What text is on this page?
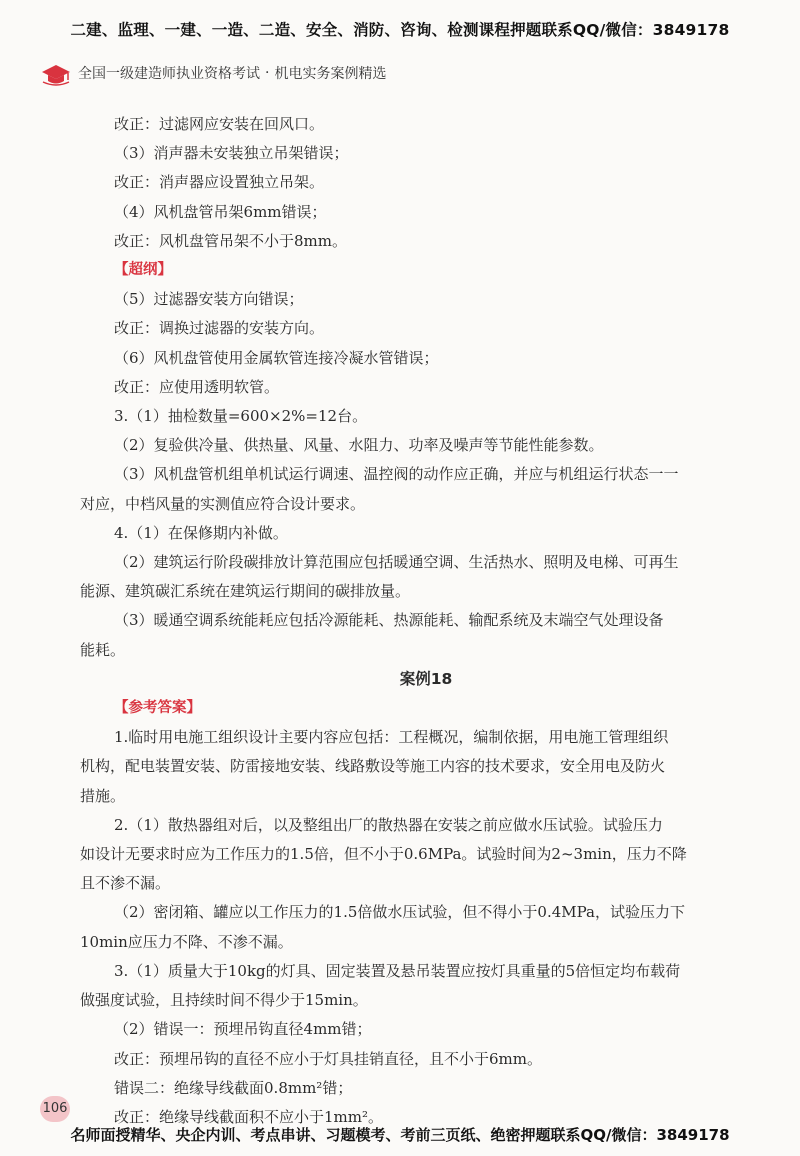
二建、监理、一建、一造、二造、安全、消防、咨询、检测课程押题联系QQ/微信：3849178
全国一级建造师执业资格考试 · 机电实务案例精选

改正：过滤网应安装在回风口。

（3）消声器未安装独立吊架错误；

改正：消声器应设置独立吊架。

（4）风机盘管吊架6mm错误；

改正：风机盘管吊架不小于8mm。

【超纲】

（5）过滤器安装方向错误；

改正：调换过滤器的安装方向。

（6）风机盘管使用金属软管连接冷凝水管错误；

改正：应使用透明软管。

3.（1）抽检数量=600×2%=12台。

（2）复验供冷量、供热量、风量、水阻力、功率及噪声等节能性能参数。

（3）风机盘管机组单机试运行调速、温控阀的动作应正确，并应与机组运行状态一一

对应，中档风量的实测值应符合设计要求。

4.（1）在保修期内补做。

（2）建筑运行阶段碳排放计算范围应包括暖通空调、生活热水、照明及电梯、可再生

能源、建筑碳汇系统在建筑运行期间的碳排放量。

（3）暖通空调系统能耗应包括冷源能耗、热源能耗、输配系统及末端空气处理设备

能耗。

案例18

【参考答案】

1.临时用电施工组织设计主要内容应包括：工程概况，编制依据，用电施工管理组织

机构，配电装置安装、防雷接地安装、线路敷设等施工内容的技术要求，安全用电及防火

措施。

2.（1）散热器组对后，以及整组出厂的散热器在安装之前应做水压试验。试验压力

如设计无要求时应为工作压力的1.5倍，但不小于0.6MPa。试验时间为2~3min，压力不降

且不渗不漏。

（2）密闭箱、罐应以工作压力的1.5倍做水压试验，但不得小于0.4MPa，试验压力下

10min应压力不降、不渗不漏。

3.（1）质量大于10kg的灯具、固定装置及悬吊装置应按灯具重量的5倍恒定均布载荷

做强度试验，且持续时间不得少于15min。

（2）错误一：预埋吊钩直径4mm错；

改正：预埋吊钩的直径不应小于灯具挂销直径，且不小于6mm。

错误二：绝缘导线截面0.8mm²错；

改正：绝缘导线截面积不应小于1mm²。

106
名师面授精华、央企内训、考点串讲、习题模考、考前三页纸、绝密押题联系QQ/微信：3849178
